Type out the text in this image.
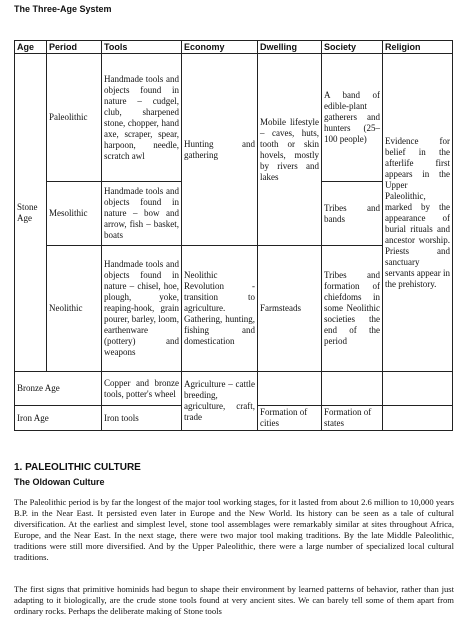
The Three-Age System
Age	Period	Tools	Economy	Dwelling	Society	Religion
Stone Age	Paleolithic	Handmade tools and objects found in nature – cudgel, club, sharpened stone, chopper, hand axe, scraper, spear, harpoon, needle, scratch awl	Hunting and gathering	Mobile lifestyle – caves, huts, tooth or skin hovels, mostly by rivers and lakes	A band of edible-plant gatherers and hunters (25–100 people)	Evidence for belief in the afterlife first appears in the Upper Paleolithic, marked by the appearance of burial rituals and ancestor worship. Priests and sanctuary servants appear in the prehistory.
	Mesolithic	Handmade tools and objects found in nature – bow and arrow, fish – basket, boats			Tribes and bands	
	Neolithic	Handmade tools and objects found in nature – chisel, hoe, plough, yoke, reaping-hook, grain pourer, barley, loom, earthenware (pottery) and weapons	Neolithic Revolution - transition to agriculture. Gathering, hunting, fishing and domestication	Farmsteads	Tribes and formation of chiefdoms in some Neolithic societies the end of the period	
Bronze Age		Copper and bronze tools, potter's wheel	Agriculture – cattle breeding, agriculture, craft, trade			
Iron Age		Iron tools		Formation of cities	Formation of states	
1. PALEOLITHIC CULTURE
The Oldowan Culture

The Paleolithic period is by far the longest of the major tool working stages, for it lasted from about 2.6 million to 10,000 years B.P. in the Near East. It persisted even later in Europe and the New World. Its history can be seen as a tale of cultural diversification. At the earliest and simplest level, stone tool assemblages were remarkably similar at sites throughout Africa, Europe, and the Near East. In the next stage, there were two major tool making traditions. By the late Middle Paleolithic, traditions were still more diversified. And by the Upper Paleolithic, there were a large number of specialized local cultural traditions.

The first signs that primitive hominids had begun to shape their environment by learned patterns of behavior, rather than just adapting to it biologically, are the crude stone tools found at very ancient sites. We can barely tell some of them apart from ordinary rocks. Perhaps the deliberate making of Stone tools
